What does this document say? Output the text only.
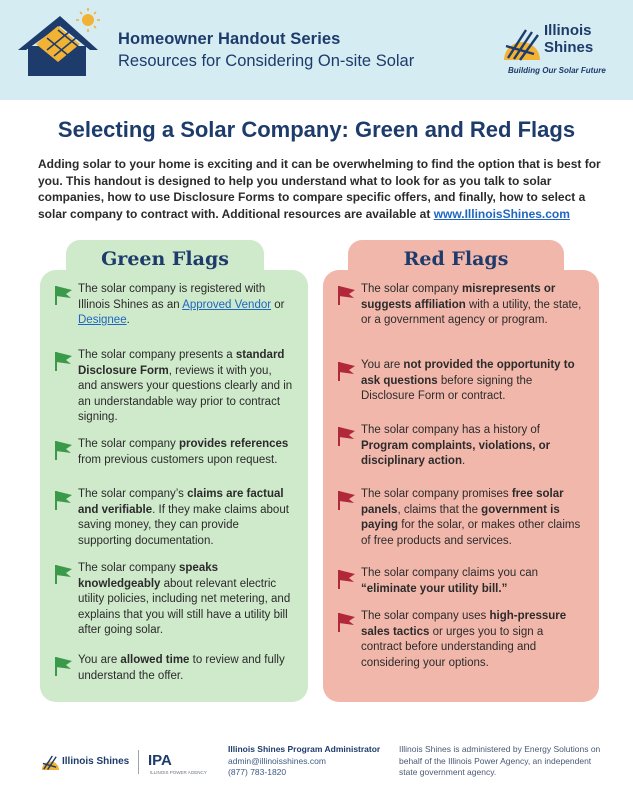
Homeowner Handout Series
Resources for Considering On-site Solar
Illinois Shines
Building Our Solar Future
Selecting a Solar Company: Green and Red Flags
Adding solar to your home is exciting and it can be overwhelming to find the option that is best for you. This handout is designed to help you understand what to look for as you talk to solar companies, how to use Disclosure Forms to compare specific offers, and finally, how to select a solar company to contract with. Additional resources are available at www.IllinoisShines.com
Green Flags	Red Flags
The solar company is registered with Illinois Shines as an Approved Vendor or Designee.
The solar company presents a standard Disclosure Form, reviews it with you, and answers your questions clearly and in an understandable way prior to contract signing.
The solar company provides references from previous customers upon request.
The solar company’s claims are factual and verifiable. If they make claims about saving money, they can provide supporting documentation.
The solar company speaks knowledgeably about relevant electric utility policies, including net metering, and explains that you will still have a utility bill after going solar.
You are allowed time to review and fully understand the offer.
The solar company misrepresents or suggests affiliation with a utility, the state, or a government agency or program.
You are not provided the opportunity to ask questions before signing the Disclosure Form or contract.
The solar company has a history of Program complaints, violations, or disciplinary action.
The solar company promises free solar panels, claims that the government is paying for the solar, or makes other claims of free products and services.
The solar company claims you can “eliminate your utility bill.”
The solar company uses high-pressure sales tactics or urges you to sign a contract before understanding and considering your options.
Illinois Shines IPA
ILLINOIS POWER AGENCY
Illinois Shines Program Administrator
admin@illinoisshines.com
(877) 783-1820
Illinois Shines is administered by Energy Solutions on behalf of the Illinois Power Agency, an independent state government agency.
